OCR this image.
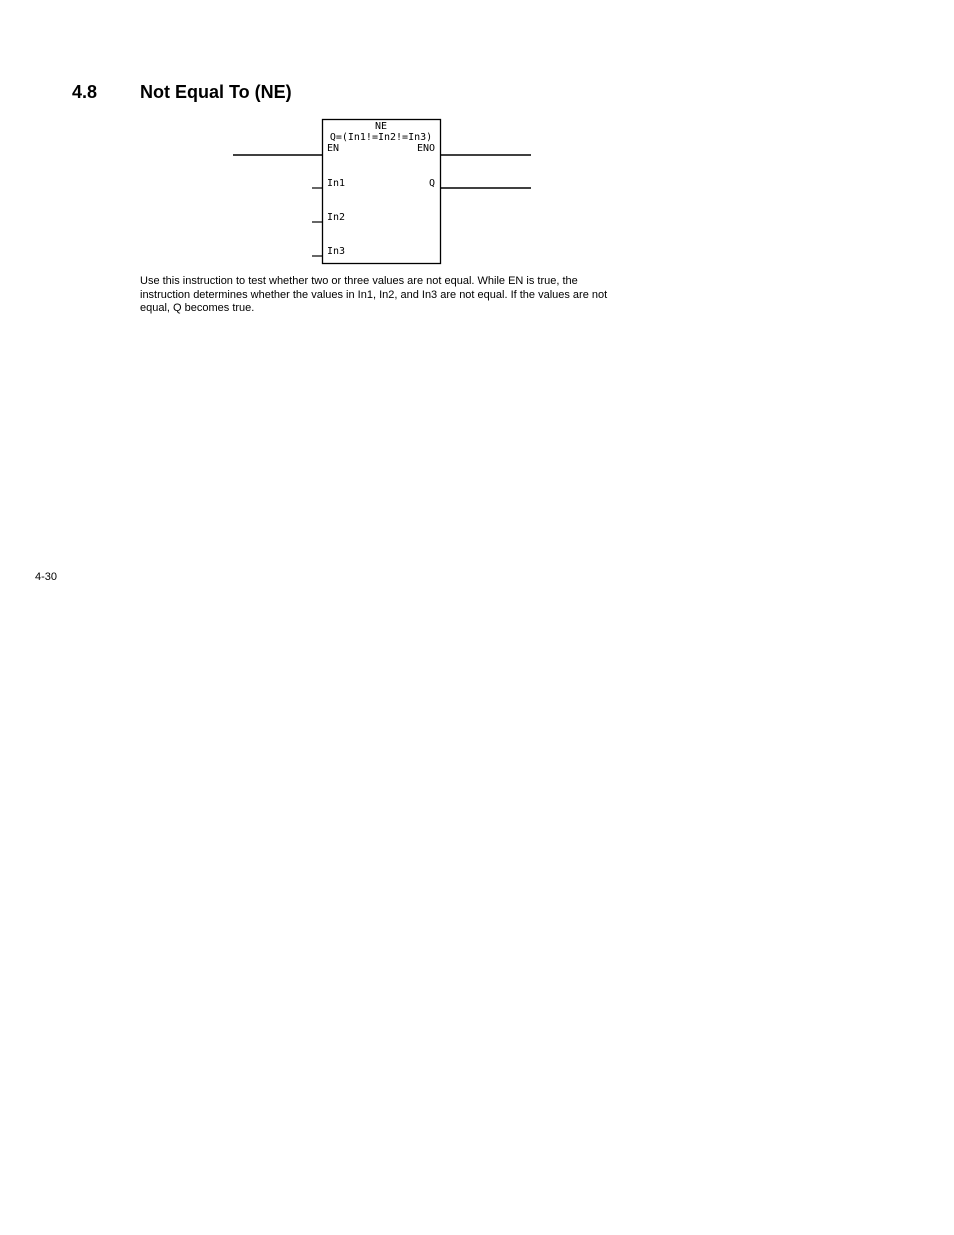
4.8 Not Equal To (NE)
NE
Q=(In1!=In2!=In3)
EN	ENO
In1	Q
In2
In3
Use this instruction to test whether two or three values are not equal. While EN is true, the instruction determines whether the values in In1, In2, and In3 are not equal. If the values are not equal, Q becomes true.
4-30
